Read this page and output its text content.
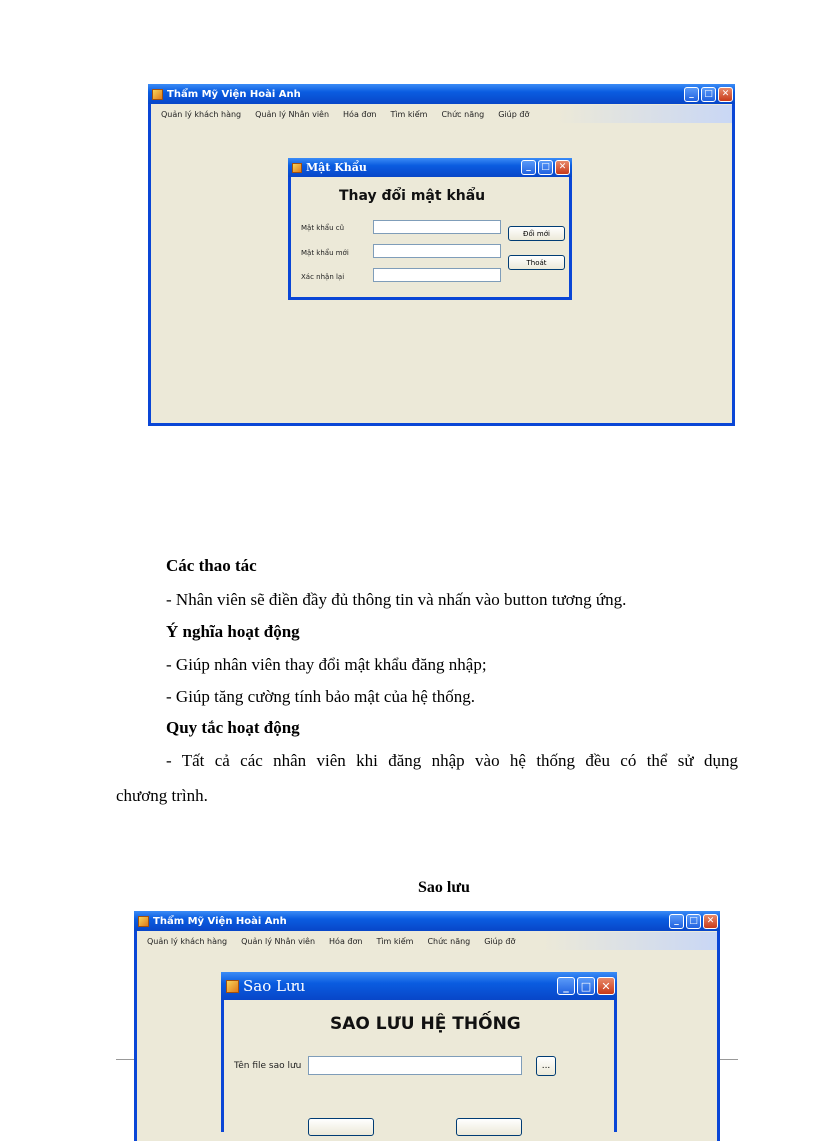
Thẩm Mỹ Viện Hoài Anh	_	□ ✕
Quản lý khách hàng Quản lý Nhân viên Hóa đơn Tìm kiếm Chức năng Giúp đỡ
Mật Khẩu	_	□ ✕
Thay đổi mật khẩu
Mật khẩu cũ
Mật khẩu mới
Xác nhận lại
Đổi mới
Thoát
Các thao tác
- Nhân viên sẽ điền đầy đủ thông tin và nhấn vào button tương ứng.
Ý nghĩa hoạt động
- Giúp nhân viên thay đổi mật khẩu đăng nhập;
- Giúp tăng cường tính bảo mật của hệ thống.
Quy tắc hoạt động
- Tất cả các nhân viên khi đăng nhập vào hệ thống đều có thể sử dụng
chương trình.
Sao lưu
Thẩm Mỹ Viện Hoài Anh	_	□ ✕
Quản lý khách hàng Quản lý Nhân viên Hóa đơn Tìm kiếm Chức năng Giúp đỡ
Sao Lưu	_	□ ✕
SAO LƯU HỆ THỐNG
Tên file sao lưu	...
